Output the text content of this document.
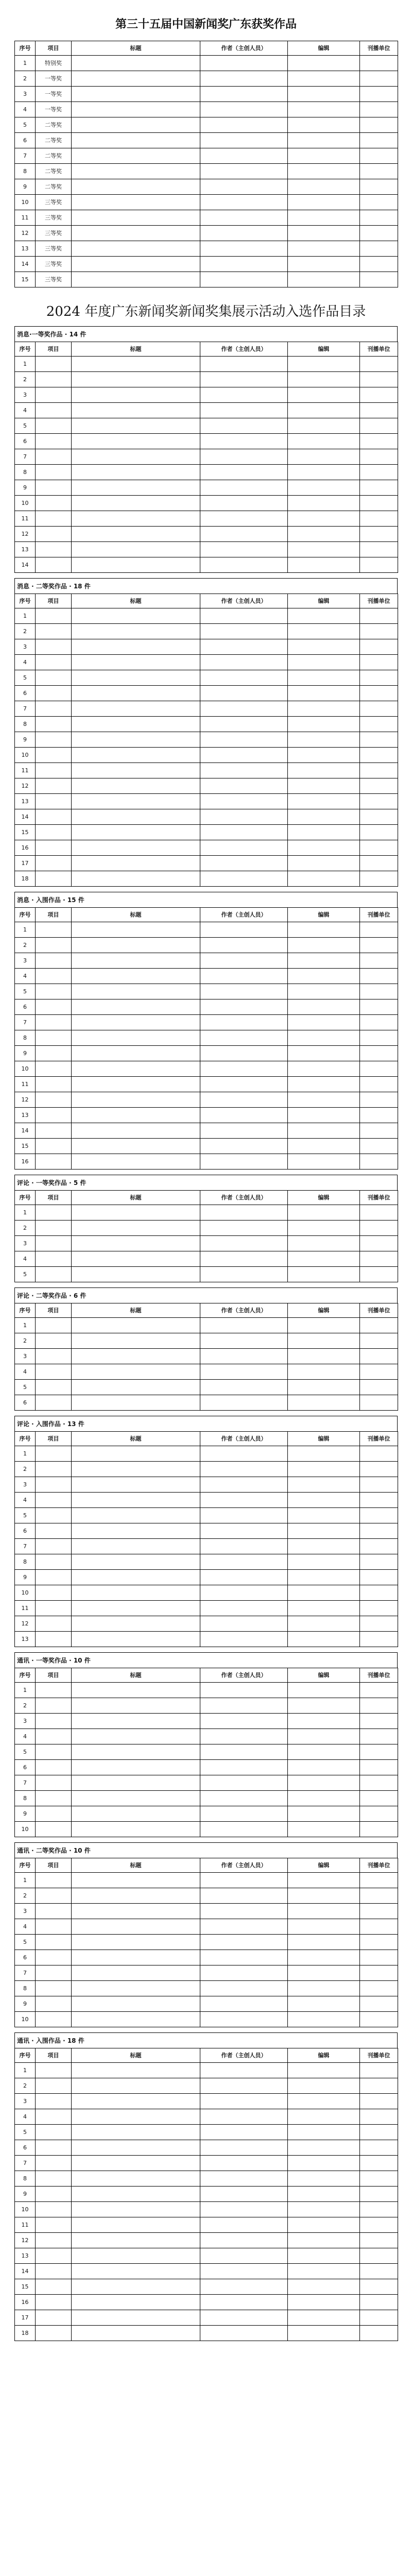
第三十五届中国新闻奖广东获奖作品
序号	项目	标题	作者（主创人员）	编辑	刊播单位
1	特别奖				
2	一等奖				
3	一等奖				
4	一等奖				
5	二等奖				
6	二等奖				
7	二等奖				
8	二等奖				
9	二等奖				
10	三等奖				
11	三等奖				
12	三等奖				
13	三等奖				
14	三等奖				
15	三等奖				
2024 年度广东新闻奖新闻奖集展示活动入选作品目录
消息·一等奖作品 · 14 件
序号	项目	标题	作者（主创人员）	编辑	刊播单位
1					
2					
3					
4					
5					
6					
7					
8					
9					
10					
11					
12					
13					
14					
消息 · 二等奖作品 · 18 件
序号	项目	标题	作者（主创人员）	编辑	刊播单位
1					
2					
3					
4					
5					
6					
7					
8					
9					
10					
11					
12					
13					
14					
15					
16					
17					
18					
消息 · 入围作品 · 15 件
序号	项目	标题	作者（主创人员）	编辑	刊播单位
1					
2					
3					
4					
5					
6					
7					
8					
9					
10					
11					
12					
13					
14					
15					
16					
评论 · 一等奖作品 · 5 件
序号	项目	标题	作者（主创人员）	编辑	刊播单位
1					
2					
3					
4					
5					
评论 · 二等奖作品 · 6 件
序号	项目	标题	作者（主创人员）	编辑	刊播单位
1					
2					
3					
4					
5					
6					
评论 · 入围作品 · 13 件
序号	项目	标题	作者（主创人员）	编辑	刊播单位
1					
2					
3					
4					
5					
6					
7					
8					
9					
10					
11					
12					
13					
通讯 · 一等奖作品 · 10 件
序号	项目	标题	作者（主创人员）	编辑	刊播单位
1					
2					
3					
4					
5					
6					
7					
8					
9					
10					
通讯 · 二等奖作品 · 10 件
序号	项目	标题	作者（主创人员）	编辑	刊播单位
1					
2					
3					
4					
5					
6					
7					
8					
9					
10					
通讯 · 入围作品 · 18 件
序号	项目	标题	作者（主创人员）	编辑	刊播单位
1					
2					
3					
4					
5					
6					
7					
8					
9					
10					
11					
12					
13					
14					
15					
16					
17					
18					
